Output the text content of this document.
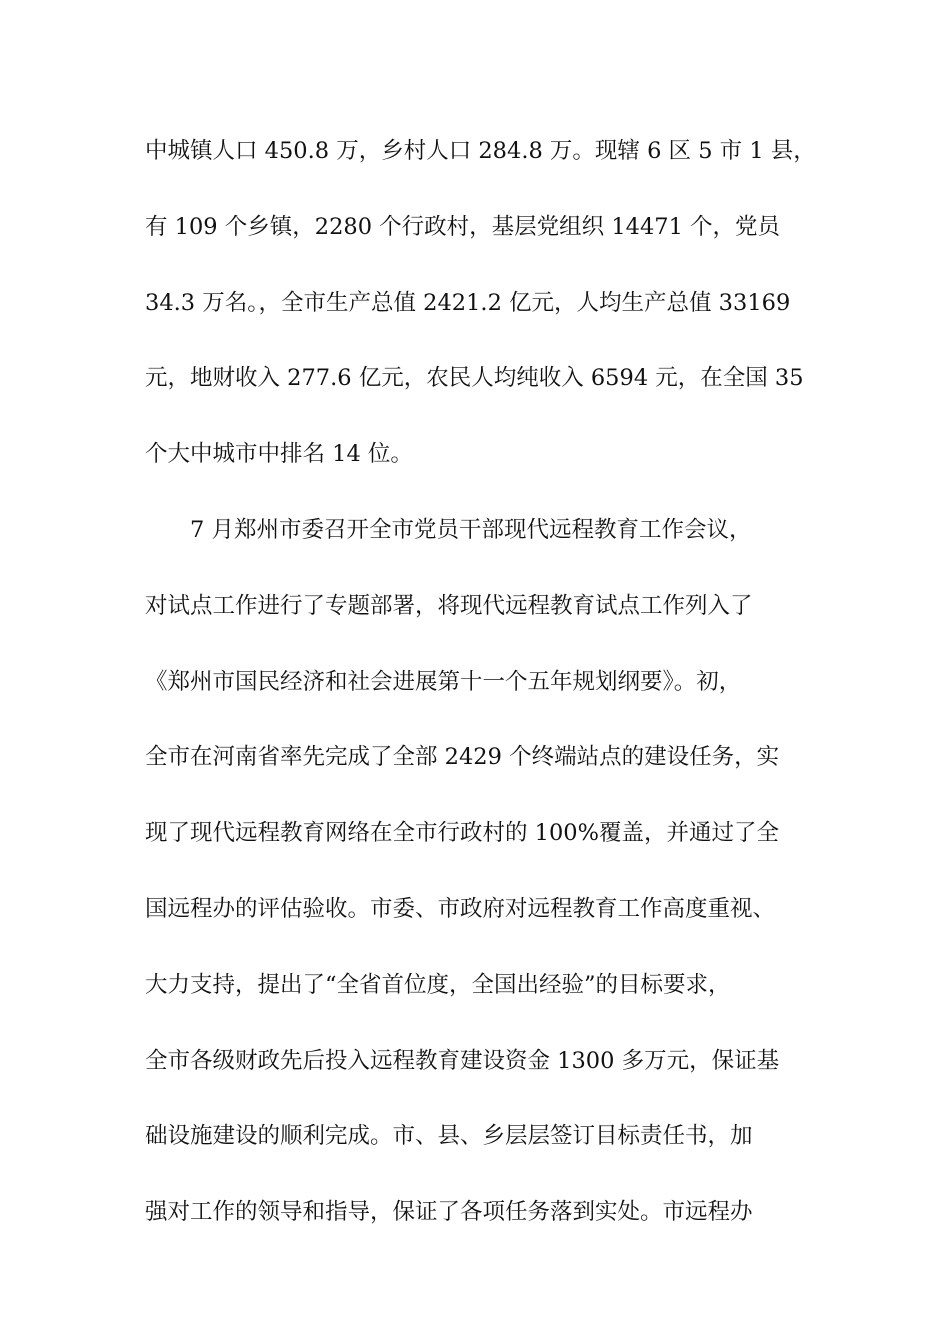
中城镇人口 450.8 万，乡村人口 284.8 万。现辖 6 区 5 市 1 县，
有 109 个乡镇，2280 个行政村，基层党组织 14471 个，党员
34.3 万名。，全市生产总值 2421.2 亿元，人均生产总值 33169
元，地财收入 277.6 亿元，农民人均纯收入 6594 元，在全国 35
个大中城市中排名 14 位。
7 月郑州市委召开全市党员干部现代远程教育工作会议，
对试点工作进行了专题部署，将现代远程教育试点工作列入了
《郑州市国民经济和社会进展第十一个五年规划纲要》。初，
全市在河南省率先完成了全部 2429 个终端站点的建设任务，实
现了现代远程教育网络在全市行政村的 100%覆盖，并通过了全
国远程办的评估验收。市委、市政府对远程教育工作高度重视、
大力支持，提出了“全省首位度，全国出经验”的目标要求，
全市各级财政先后投入远程教育建设资金 1300 多万元，保证基
础设施建设的顺利完成。市、县、乡层层签订目标责任书，加
强对工作的领导和指导，保证了各项任务落到实处。市远程办
